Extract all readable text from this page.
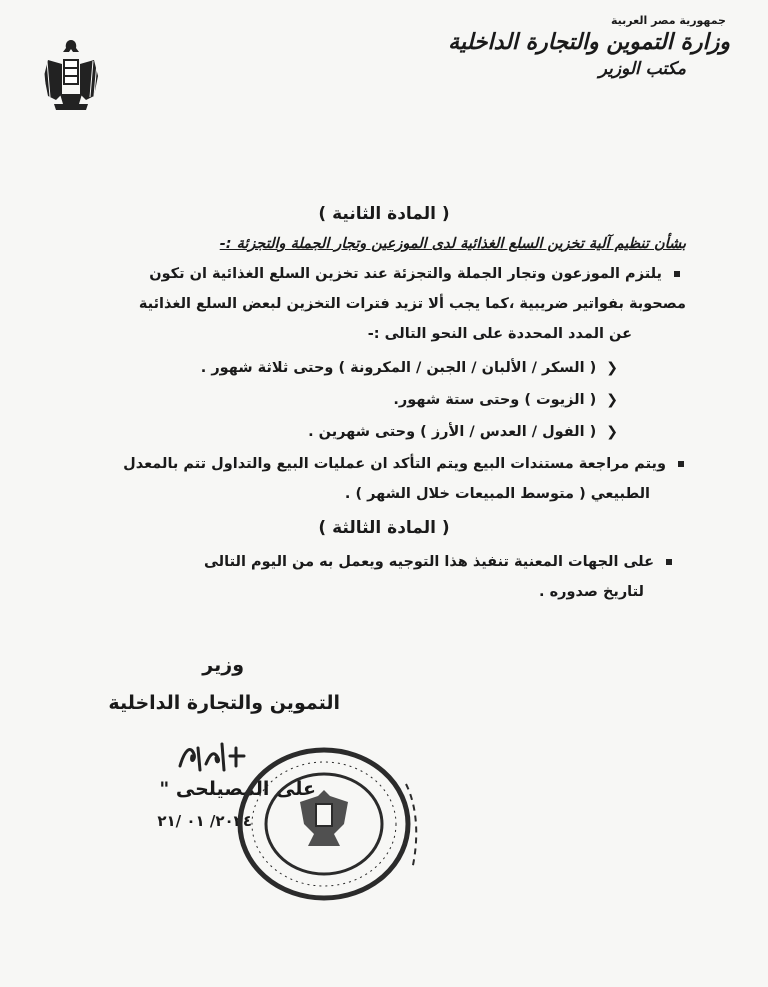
جمهورية مصر العربية
وزارة التموين والتجارة الداخلية
مكتب الوزير
( المادة الثانية )
بشأن تنظيم آلية تخزين السلع الغذائية لدى الموزعين وتجار الجملة والتجزئة :-
يلتزم الموزعون وتجار الجملة والتجزئة عند تخزين السلع الغذائية ان تكون
مصحوبة بفواتير ضريبية ،كما يجب ألا تزيد فترات التخزين لبعض السلع الغذائية
عن المدد المحددة على النحو التالى :-
❮( السكر / الألبان / الجبن / المكرونة ) وحتى ثلاثة شهور .
❮( الزيوت ) وحتى ستة شهور.
❮( الفول / العدس / الأرز ) وحتى شهرين .
ويتم مراجعة مستندات البيع ويتم التأكد ان عمليات البيع والتداول تتم بالمعدل
الطبيعي ( متوسط المبيعات خلال الشهر ) .
( المادة الثالثة )
على الجهات المعنية تنفيذ هذا التوجيه ويعمل به من اليوم التالى
لتاريخ صدوره .
وزير
التموين والتجارة الداخلية
على المصيلحى "
٢٠٢٤/ ٠١ /٢١
